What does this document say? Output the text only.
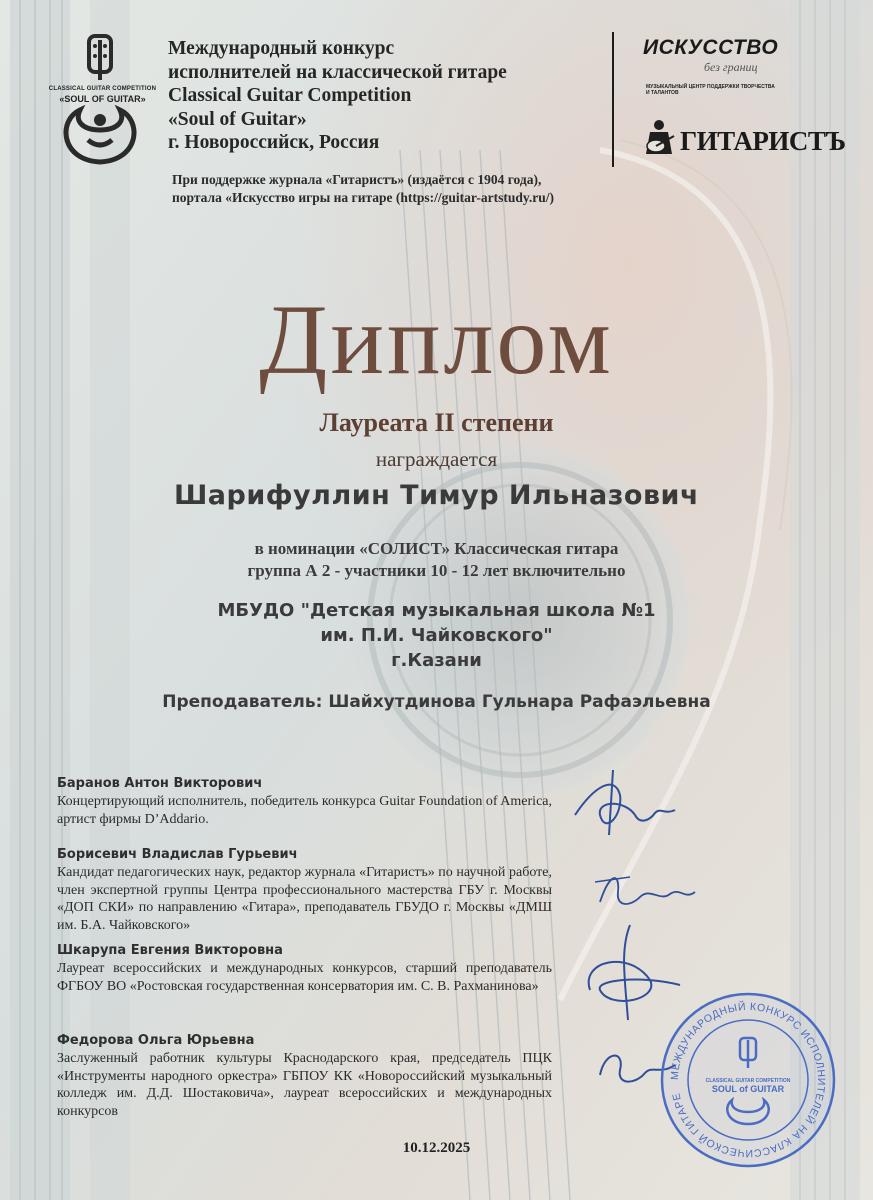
CLASSICAL GUITAR COMPETITION
«SOUL OF GUITAR»
Международный конкурс
исполнителей на классической гитаре
Classical Guitar Competition
«Soul of Guitar»
г. Новороссийск, Россия
При поддержке журнала «Гитаристъ» (издаётся с 1904 года),
портала «Искусство игры на гитаре (https://guitar-artstudy.ru/)
ИСКУССТВО
без границ
МУЗЫКАЛЬНЫЙ ЦЕНТР ПОДДЕРЖКИ ТВОРЧЕСТВА И ТАЛАНТОВ
ГИТАРИСТЪ
Диплом
Лауреата II степени
награждается
Шарифуллин Тимур Ильназович
в номинации «СОЛИСТ» Классическая гитара
группа А 2 - участники 10 - 12 лет включительно
МБУДО "Детская музыкальная школа №1
им. П.И. Чайковского"
г.Казани
Преподаватель: Шайхутдинова Гульнара Рафаэльевна
Баранов Антон Викторович
Концертирующий исполнитель, победитель конкурса Guitar Foundation of America, артист фирмы D’Addario.
Борисевич Владислав Гурьевич
Кандидат педагогических наук, редактор журнала «Гитаристъ» по научной работе, член экспертной группы Центра профессионального мастерства ГБУ г. Москвы «ДОП СКИ» по направлению «Гитара», преподаватель ГБУДО г. Москвы «ДМШ им. Б.А. Чайковского»
Шкарупа Евгения Викторовна
Лауреат всероссийских и международных конкурсов, старший преподаватель ФГБОУ ВО «Ростовская государственная консерватория им. С. В. Рахманинова»
Федорова Ольга Юрьевна
Заслуженный работник культуры Краснодарского края, председатель ПЦК «Инструменты народного оркестра» ГБПОУ КК «Новороссийский музыкальный колледж им. Д.Д. Шостаковича», лауреат всероссийских и международных конкурсов
МЕЖДУНАРОДНЫЙ КОНКУРС ИСПОЛНИТЕЛЕЙ НА КЛАССИЧЕСКОЙ ГИТАРЕ
CLASSICAL GUITAR COMPETITION
SOUL of GUITAR
10.12.2025
